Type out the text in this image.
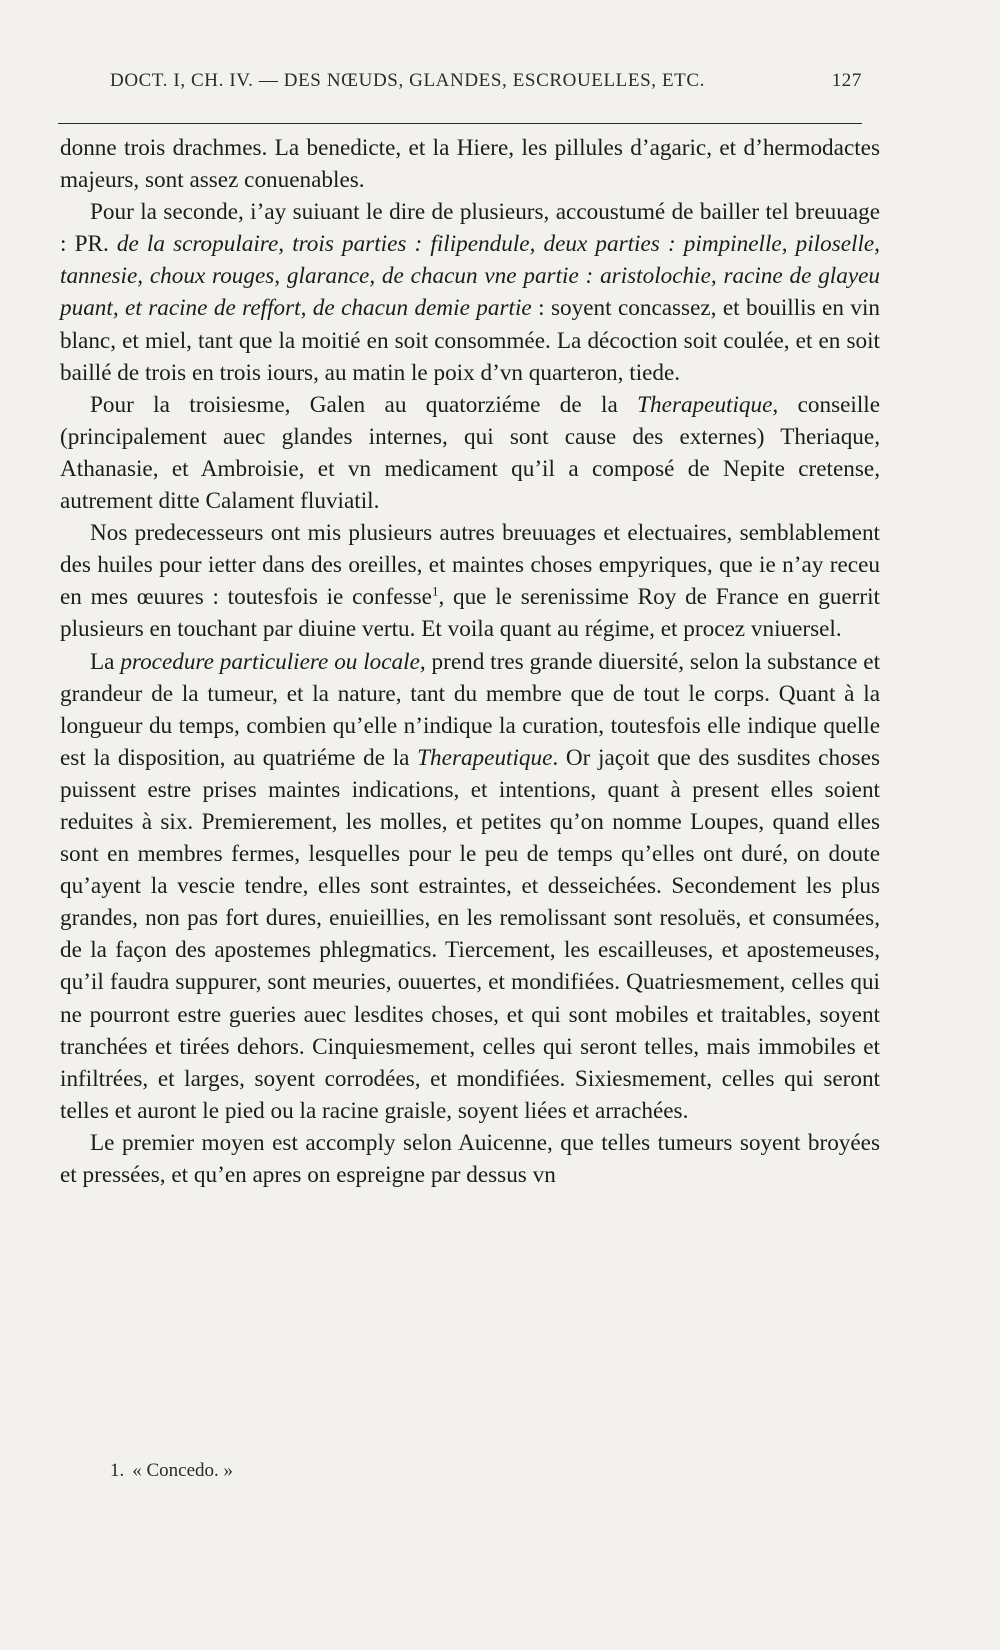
DOCT. I, CH. IV. — DES NŒUDS, GLANDES, ESCROUELLES, ETC.	127

donne trois drachmes. La benedicte, et la Hiere, les pillules d’agaric, et d’hermodactes majeurs, sont assez conuenables.

Pour la seconde, i’ay suiuant le dire de plusieurs, accoustumé de bailler tel breuuage : PR. de la scropulaire, trois parties : filipendule, deux parties : pimpinelle, piloselle, tannesie, choux rouges, glarance, de chacun vne partie : aristolochie, racine de glayeu puant, et racine de reffort, de chacun demie partie : soyent concassez, et bouillis en vin blanc, et miel, tant que la moitié en soit consommée. La décoction soit coulée, et en soit baillé de trois en trois iours, au matin le poix d’vn quarteron, tiede.

Pour la troisiesme, Galen au quatorziéme de la Therapeutique, conseille (principalement auec glandes internes, qui sont cause des externes) Theriaque, Athanasie, et Ambroisie, et vn medicament qu’il a composé de Nepite cretense, autrement ditte Calament fluviatil.

Nos predecesseurs ont mis plusieurs autres breuuages et electuaires, semblablement des huiles pour ietter dans des oreilles, et maintes choses empyriques, que ie n’ay receu en mes œuures : toutesfois ie confesse$^1$, que le serenissime Roy de France en guerrit plusieurs en touchant par diuine vertu. Et voila quant au régime, et procez vniuersel.

La procedure particuliere ou locale, prend tres grande diuersité, selon la substance et grandeur de la tumeur, et la nature, tant du membre que de tout le corps. Quant à la longueur du temps, combien qu’elle n’indique la curation, toutesfois elle indique quelle est la disposition, au quatriéme de la Therapeutique. Or jaçoit que des susdites choses puissent estre prises maintes indications, et intentions, quant à present elles soient reduites à six. Premierement, les molles, et petites qu’on nomme Loupes, quand elles sont en membres fermes, lesquelles pour le peu de temps qu’elles ont duré, on doute qu’ayent la vescie tendre, elles sont estraintes, et desseichées. Secondement les plus grandes, non pas fort dures, enuieillies, en les remolissant sont resoluës, et consumées, de la façon des apostemes phlegmatics. Tiercement, les escailleuses, et apostemeuses, qu’il faudra suppurer, sont meuries, ouuertes, et mondifiées. Quatriesmement, celles qui ne pourront estre gueries auec lesdites choses, et qui sont mobiles et traitables, soyent tranchées et tirées dehors. Cinquiesmement, celles qui seront telles, mais immobiles et infiltrées, et larges, soyent corrodées, et mondifiées. Sixiesmement, celles qui seront telles et auront le pied ou la racine graisle, soyent liées et arrachées.

Le premier moyen est accomply selon Auicenne, que telles tumeurs soyent broyées et pressées, et qu’en apres on espreigne par dessus vn

1. « Concedo. »
